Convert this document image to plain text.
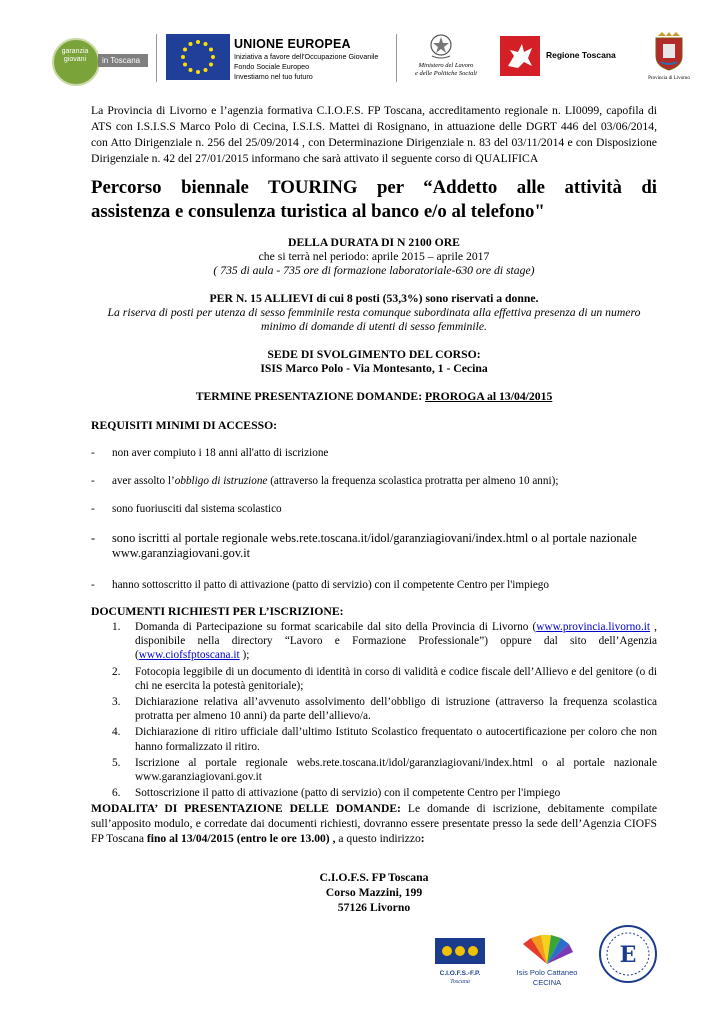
garanzia giovani	in Toscana
UNIONE EUROPEA
Iniziativa a favore dell'Occupazione Giovanile
Fondo Sociale Europeo
Investiamo nel tuo futuro
Ministero del Lavoro
e delle Politiche Sociali
Regione Toscana
Provincia di Livorno
La Provincia di Livorno e l’agenzia formativa C.I.O.F.S. FP Toscana, accreditamento regionale n. LI0099, capofila di ATS con I.S.I.S.S Marco Polo di Cecina, I.S.I.S. Mattei di Rosignano, in attuazione delle DGRT 446 del 03/06/2014, con Atto Dirigenziale n. 256 del 25/09/2014 , con Determinazione Dirigenziale n. 83 del 03/11/2014 e con Disposizione Dirigenziale n. 42 del 27/01/2015 informano che sarà attivato il seguente corso di QUALIFICA
Percorso biennale TOURING per “Addetto alle attività di
assistenza e consulenza turistica al banco e/o al telefono"
DELLA DURATA DI N 2100 ORE
che si terrà nel periodo: aprile 2015 – aprile 2017
( 735 di aula - 735 ore di formazione laboratoriale-630 ore di stage)
PER N. 15 ALLIEVI di cui 8 posti (53,3%) sono riservati a donne.
La riserva di posti per utenza di sesso femminile resta comunque subordinata alla effettiva presenza di un numero
minimo di domande di utenti di sesso femminile.
SEDE DI SVOLGIMENTO DEL CORSO:
ISIS Marco Polo - Via Montesanto, 1 - Cecina
TERMINE PRESENTAZIONE DOMANDE: PROROGA al 13/04/2015
REQUISITI MINIMI DI ACCESSO:
- non aver compiuto i 18 anni all'atto di iscrizione
- aver assolto l’obbligo di istruzione (attraverso la frequenza scolastica protratta per almeno 10 anni);
- sono fuoriusciti dal sistema scolastico
- sono iscritti al portale regionale webs.rete.toscana.it/idol/garanziagiovani/index.html o al portale nazionale www.garanziagiovani.gov.it
- hanno sottoscritto il patto di attivazione (patto di servizio) con il competente Centro per l'impiego
DOCUMENTI RICHIESTI PER L’ISCRIZIONE:
1. Domanda di Partecipazione su format scaricabile dal sito della Provincia di Livorno (www.provincia.livorno.it , disponibile nella directory “Lavoro e Formazione Professionale”) oppure dal sito dell’Agenzia (www.ciofsfptoscana.it );
2. Fotocopia leggibile di un documento di identità in corso di validità e codice fiscale dell’Allievo e del genitore (o di chi ne esercita la potestà genitoriale);
3. Dichiarazione relativa all’avvenuto assolvimento dell’obbligo di istruzione (attraverso la frequenza scolastica protratta per almeno 10 anni) da parte dell’allievo/a.
4. Dichiarazione di ritiro ufficiale dall’ultimo Istituto Scolastico frequentato o autocertificazione per coloro che non hanno formalizzato il ritiro.
5. Iscrizione al portale regionale webs.rete.toscana.it/idol/garanziagiovani/index.html o al portale nazionale www.garanziagiovani.gov.it
6. Sottoscrizione il patto di attivazione (patto di servizio) con il competente Centro per l'impiego
MODALITA’ DI PRESENTAZIONE DELLE DOMANDE: Le domande di iscrizione, debitamente compilate sull’apposito modulo, e corredate dai documenti richiesti, dovranno essere presentate presso la sede dell’Agenzia CIOFS FP Toscana fino al 13/04/2015 (entro le ore 13.00) , a questo indirizzo:
C.I.O.F.S. FP Toscana
Corso Mazzini, 199
57126 Livorno
C.I.O.F.S.-F.P.
Toscana
Isis Polo Cattaneo
CECINA
E
